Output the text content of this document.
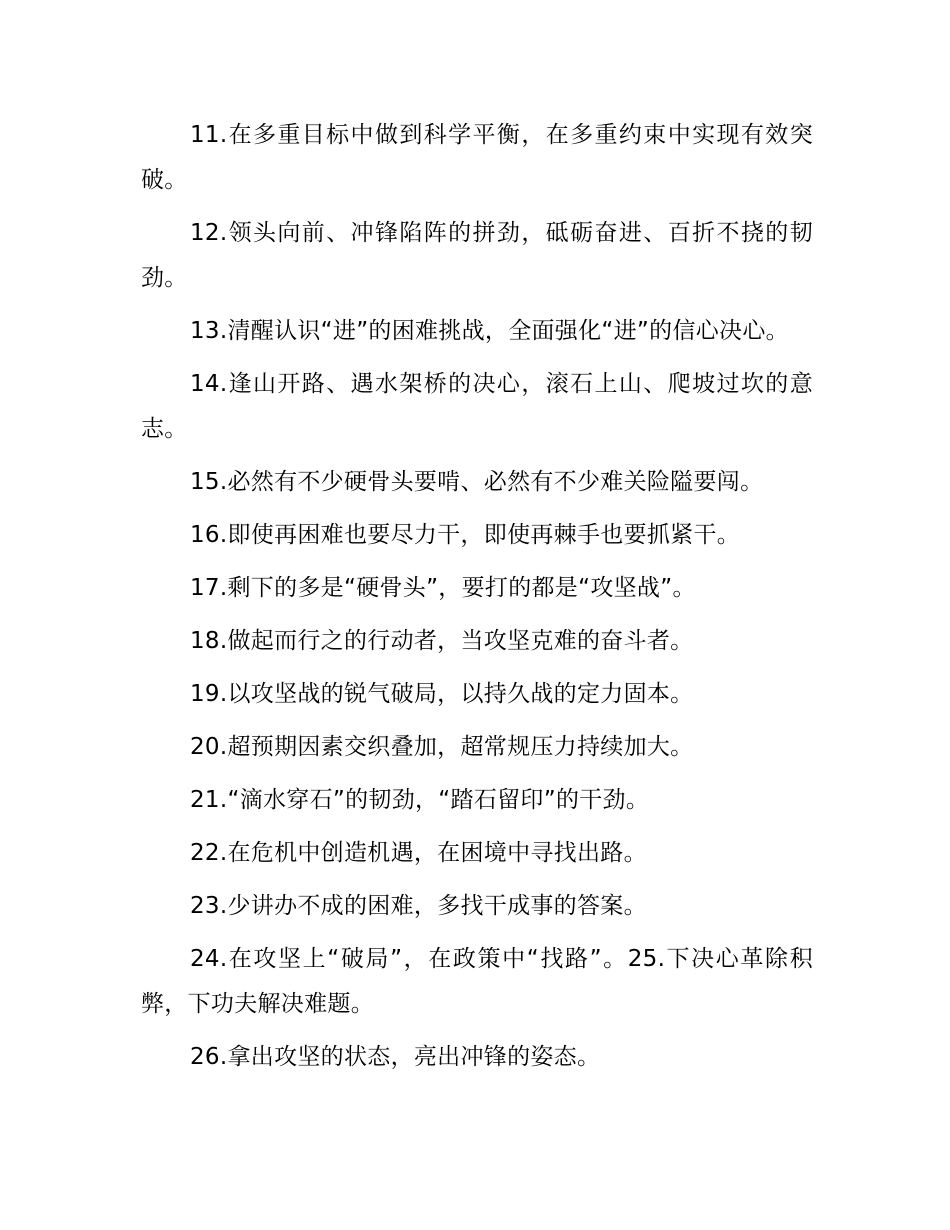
11.在多重目标中做到科学平衡，在多重约束中实现有效突破。

12.领头向前、冲锋陷阵的拼劲，砥砺奋进、百折不挠的韧劲。

13.清醒认识“进”的困难挑战，全面强化“进”的信心决心。

14.逢山开路、遇水架桥的决心，滚石上山、爬坡过坎的意志。

15.必然有不少硬骨头要啃、必然有不少难关险隘要闯。

16.即使再困难也要尽力干，即使再棘手也要抓紧干。

17.剩下的多是“硬骨头”，要打的都是“攻坚战”。

18.做起而行之的行动者，当攻坚克难的奋斗者。

19.以攻坚战的锐气破局，以持久战的定力固本。

20.超预期因素交织叠加，超常规压力持续加大。

21.“滴水穿石”的韧劲，“踏石留印”的干劲。

22.在危机中创造机遇，在困境中寻找出路。

23.少讲办不成的困难，多找干成事的答案。

24.在攻坚上“破局”，在政策中“找路”。25.下决心革除积弊，下功夫解决难题。

26.拿出攻坚的状态，亮出冲锋的姿态。
